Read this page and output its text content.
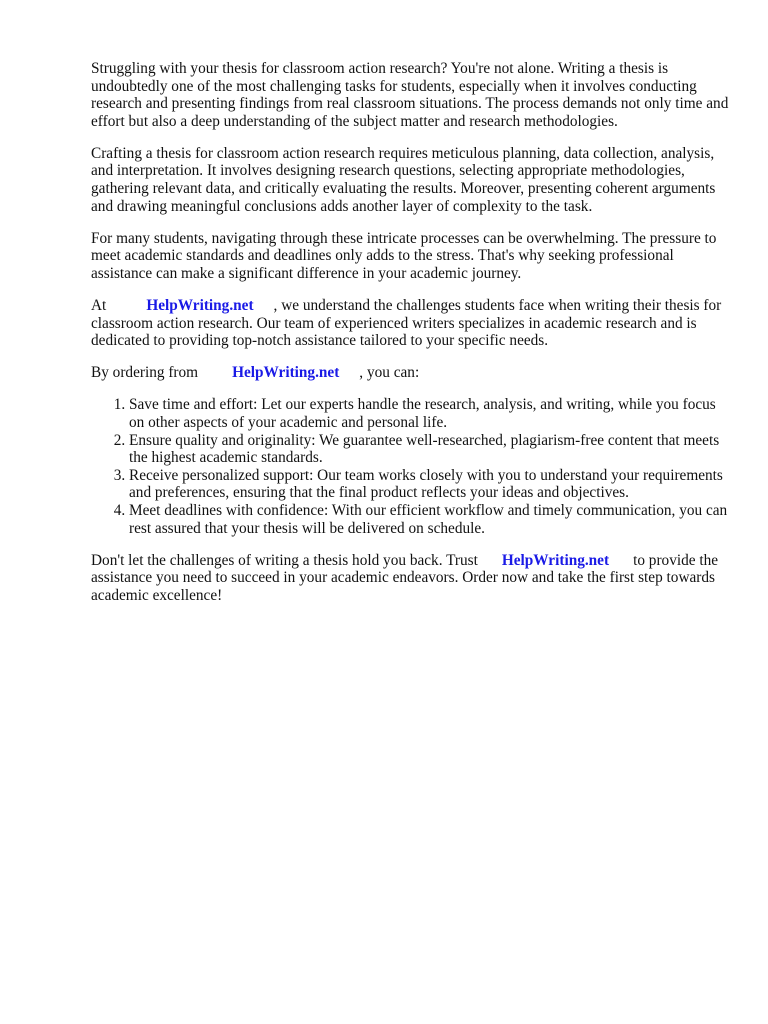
Struggling with your thesis for classroom action research? You're not alone. Writing a thesis is undoubtedly one of the most challenging tasks for students, especially when it involves conducting research and presenting findings from real classroom situations. The process demands not only time and effort but also a deep understanding of the subject matter and research methodologies.

Crafting a thesis for classroom action research requires meticulous planning, data collection, analysis, and interpretation. It involves designing research questions, selecting appropriate methodologies, gathering relevant data, and critically evaluating the results. Moreover, presenting coherent arguments and drawing meaningful conclusions adds another layer of complexity to the task.

For many students, navigating through these intricate processes can be overwhelming. The pressure to meet academic standards and deadlines only adds to the stress. That's why seeking professional assistance can make a significant difference in your academic journey.

At	HelpWriting.net , we understand the challenges students face when writing their thesis for classroom action research. Our team of experienced writers specializes in academic research and is dedicated to providing top-notch assistance tailored to your specific needs.

By ordering from HelpWriting.net , you can:

1. Save time and effort: Let our experts handle the research, analysis, and writing, while you focus on other aspects of your academic and personal life.
2. Ensure quality and originality: We guarantee well-researched, plagiarism-free content that meets the highest academic standards.
3. Receive personalized support: Our team works closely with you to understand your requirements and preferences, ensuring that the final product reflects your ideas and objectives.
4. Meet deadlines with confidence: With our efficient workflow and timely communication, you can rest assured that your thesis will be delivered on schedule.

Don't let the challenges of writing a thesis hold you back. Trust HelpWriting.net to provide the assistance you need to succeed in your academic endeavors. Order now and take the first step towards academic excellence!
